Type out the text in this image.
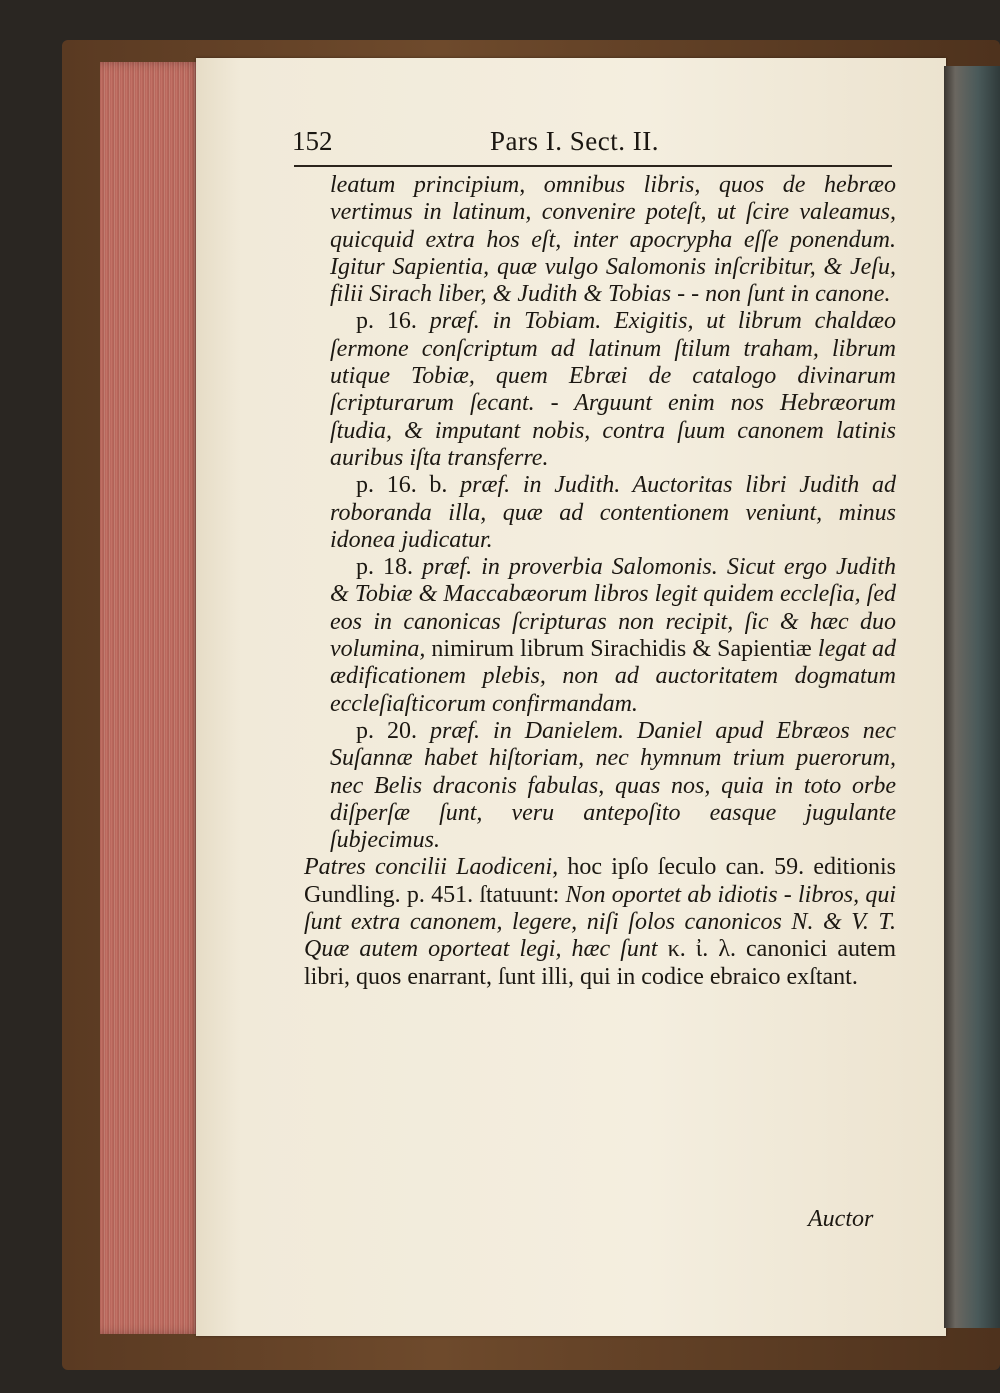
152	Pars I. Sect. II.

leatum principium, omnibus libris, quos de hebræo vertimus in latinum, convenire poteſt, ut ſcire valeamus, quicquid extra hos eſt, inter apocrypha eſſe ponendum. Igitur Sapientia, quæ vulgo Salomonis inſcribitur, & Jeſu, filii Sirach liber, & Judith & Tobias - - non ſunt in canone.

p. 16. præf. in Tobiam. Exigitis, ut librum chaldæo ſermone conſcriptum ad latinum ſtilum traham, librum utique Tobiæ, quem Ebræi de catalogo divinarum ſcripturarum ſecant. - Arguunt enim nos Hebræorum ſtudia, & imputant nobis, contra ſuum canonem latinis auribus iſta transferre.

p. 16. b. præf. in Judith. Auctoritas libri Judith ad roboranda illa, quæ ad contentionem veniunt, minus idonea judicatur.

p. 18. præf. in proverbia Salomonis. Sicut ergo Judith & Tobiæ & Maccabæorum libros legit quidem eccleſia, ſed eos in canonicas ſcripturas non recipit, ſic & hæc duo volumina, nimirum librum Sirachidis & Sapientiæ legat ad ædificationem plebis, non ad auctoritatem dogmatum eccleſiaſticorum confirmandam.

p. 20. præf. in Danielem. Daniel apud Ebræos nec Suſannæ habet hiſtoriam, nec hymnum trium puerorum, nec Belis draconis fabulas, quas nos, quia in toto orbe diſperſæ ſunt, veru antepoſito easque jugulante ſubjecimus.

Patres concilii Laodiceni, hoc ipſo ſeculo can. 59. editionis Gundling. p. 451. ſtatuunt: Non oportet ab idiotis - libros, qui ſunt extra canonem, legere, niſi ſolos canonicos N. & V. T. Quæ autem oporteat legi, hæc ſunt κ. ἰ. λ. canonici autem libri, quos enarrant, ſunt illi, qui in codice ebraico exſtant.

Auctor
